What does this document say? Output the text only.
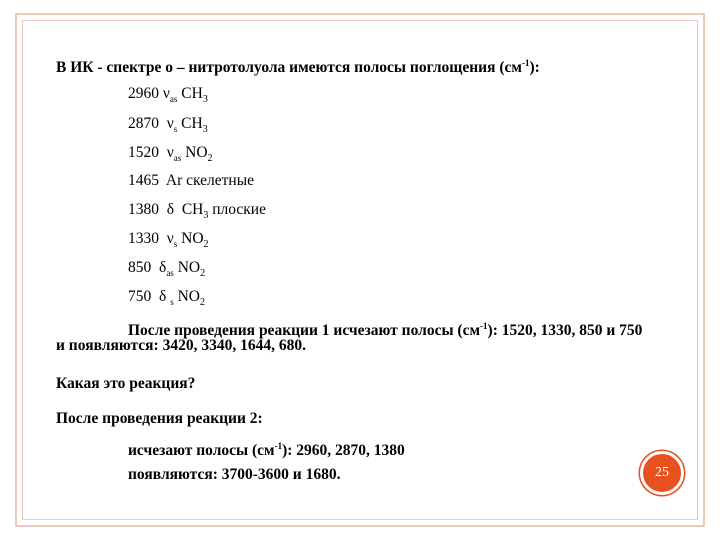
В ИК - спектре о – нитротолуола имеются полосы поглощения $(см^{-1})$:
2960 $\nu_{as}$ $CH_3$
2870 $\nu_s$ $CH_3$
1520 $\nu_{as}$ $NO_2$
1465 Ar скелетные
1380 δ $CH_3$ плоские
1330 $\nu_s$ $NO_2$
850 $\delta_{as}$ $NO_2$
750 δ $_s$ $NO_2$
После проведения реакции 1 исчезают полосы $(см^{-1})$: 1520, 1330, 850 и 750
и появляются: 3420, 3340, 1644, 680.
Какая это реакция?
После проведения реакции 2:
исчезают полосы $(см^{-1})$: 2960, 2870, 1380
появляются: 3700-3600 и 1680.	25
